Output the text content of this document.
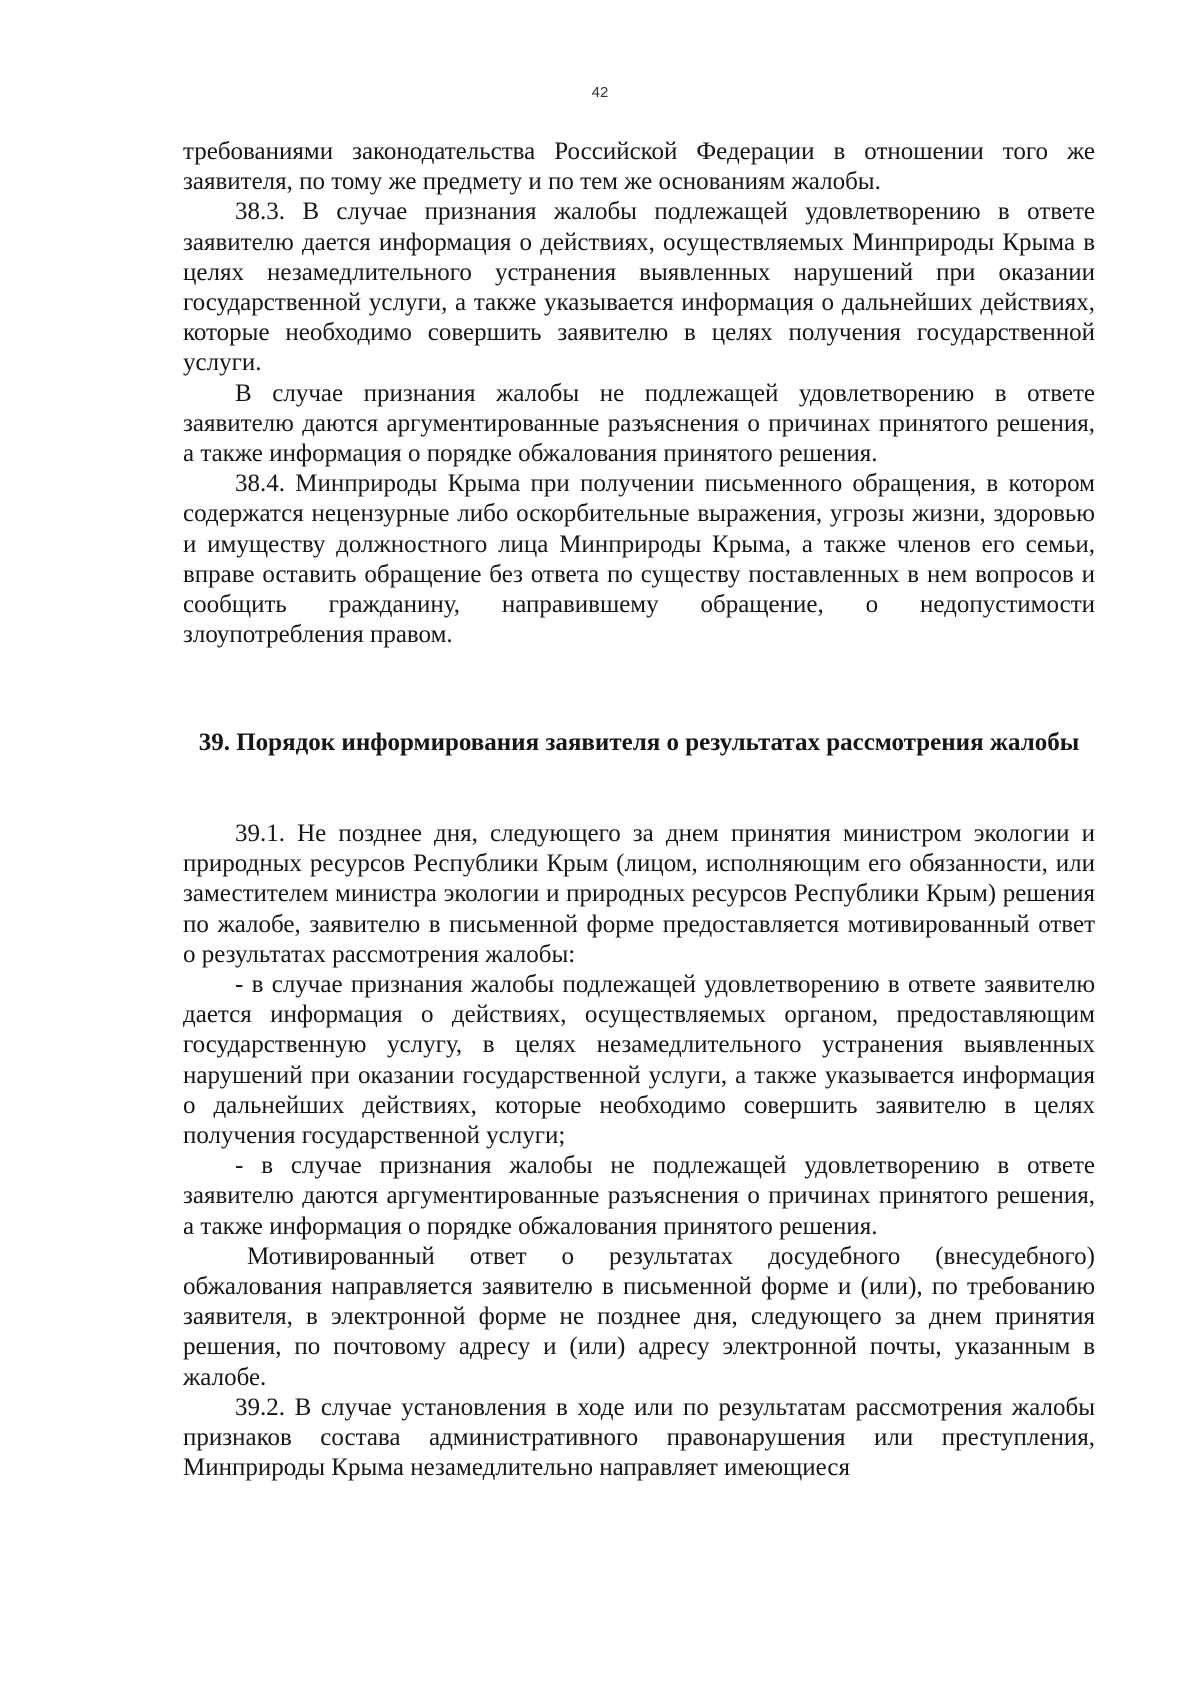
42

требованиями законодательства Российской Федерации в отношении того же заявителя, по тому же предмету и по тем же основаниям жалобы.

38.3. В случае признания жалобы подлежащей удовлетворению в ответе заявителю дается информация о действиях, осуществляемых Минприроды Крыма в целях незамедлительного устранения выявленных нарушений при оказании государственной услуги, а также указывается информация о дальнейших действиях, которые необходимо совершить заявителю в целях получения государственной услуги.

В случае признания жалобы не подлежащей удовлетворению в ответе заявителю даются аргументированные разъяснения о причинах принятого решения, а также информация о порядке обжалования принятого решения.

38.4. Минприроды Крыма при получении письменного обращения, в котором содержатся нецензурные либо оскорбительные выражения, угрозы жизни, здоровью и имуществу должностного лица Минприроды Крыма, а также членов его семьи, вправе оставить обращение без ответа по существу поставленных в нем вопросов и сообщить гражданину, направившему обращение, о недопустимости злоупотребления правом.

39. Порядок информирования заявителя о результатах рассмотрения жалобы

39.1. Не позднее дня, следующего за днем принятия министром экологии и природных ресурсов Республики Крым (лицом, исполняющим его обязанности, или заместителем министра экологии и природных ресурсов Республики Крым) решения по жалобе, заявителю в письменной форме предоставляется мотивированный ответ о результатах рассмотрения жалобы:

- в случае признания жалобы подлежащей удовлетворению в ответе заявителю дается информация о действиях, осуществляемых органом, предоставляющим государственную услугу, в целях незамедлительного устранения выявленных нарушений при оказании государственной услуги, а также указывается информация о дальнейших действиях, которые необходимо совершить заявителю в целях получения государственной услуги;

- в случае признания жалобы не подлежащей удовлетворению в ответе заявителю даются аргументированные разъяснения о причинах принятого решения, а также информация о порядке обжалования принятого решения.

Мотивированный ответ о результатах досудебного (внесудебного) обжалования направляется заявителю в письменной форме и (или), по требованию заявителя, в электронной форме не позднее дня, следующего за днем принятия решения, по почтовому адресу и (или) адресу электронной почты, указанным в жалобе.

39.2. В случае установления в ходе или по результатам рассмотрения жалобы признаков состава административного правонарушения или преступления, Минприроды Крыма незамедлительно направляет имеющиеся
